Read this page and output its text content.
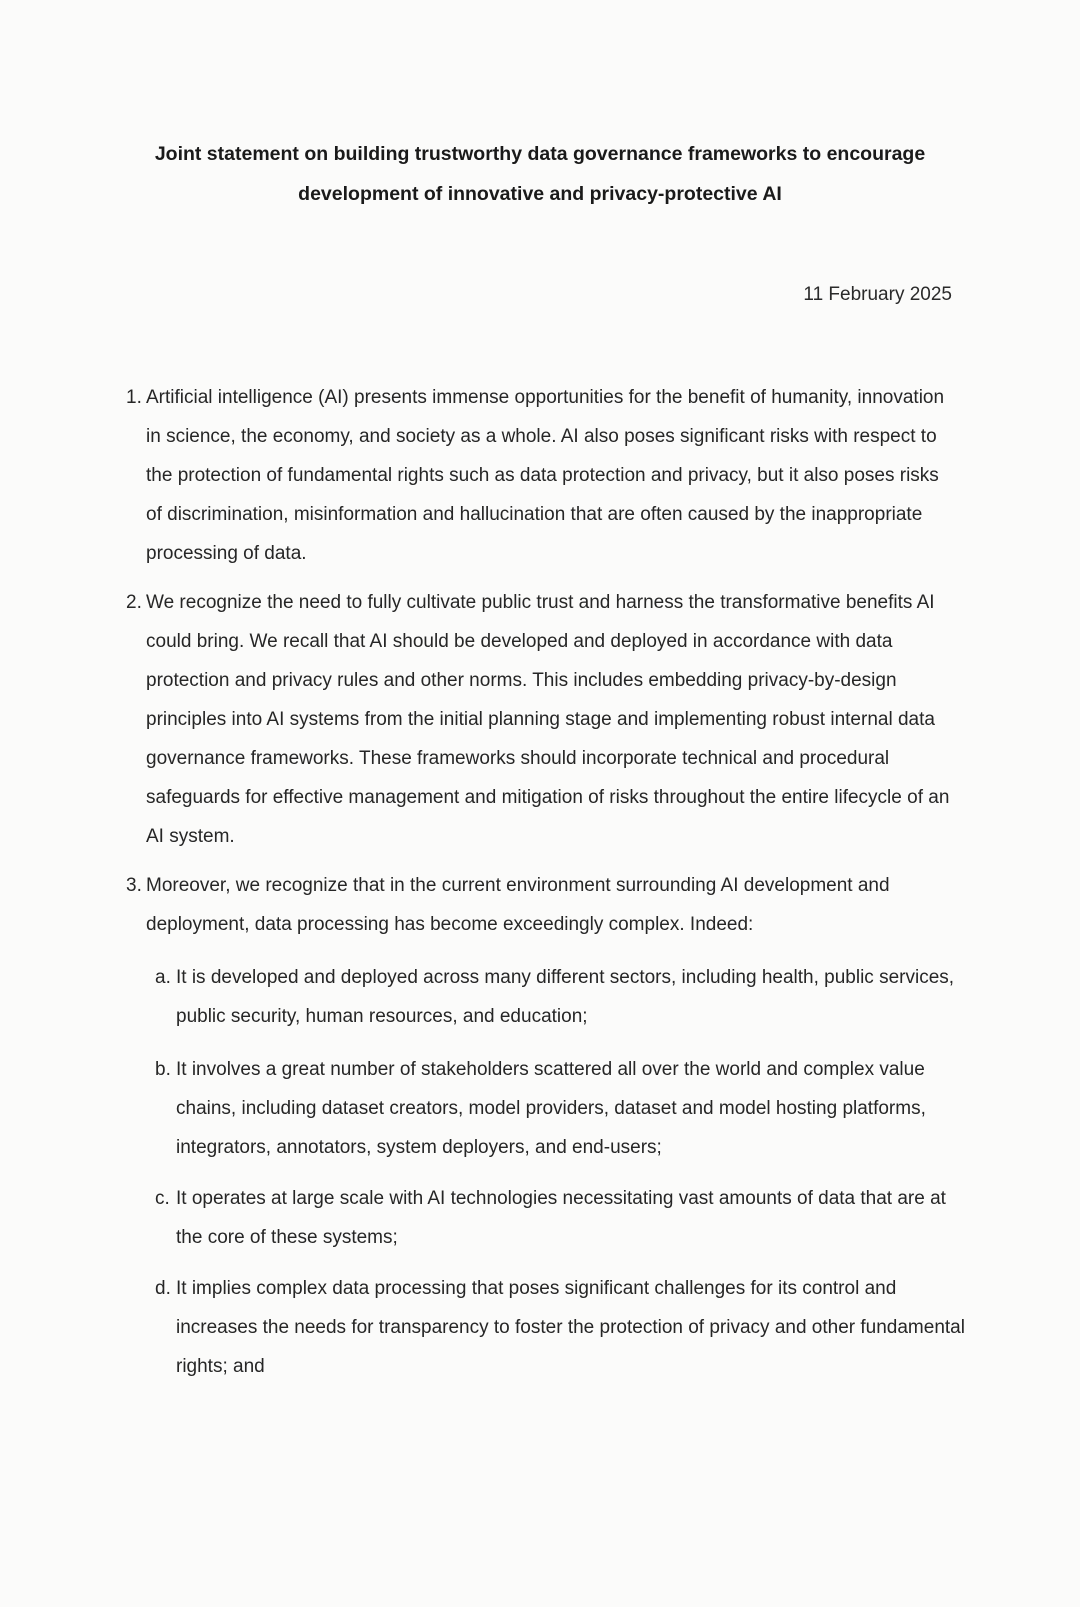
Joint statement on building trustworthy data governance frameworks to encourage
development of innovative and privacy-protective AI
11 February 2025
1. Artificial intelligence (AI) presents immense opportunities for the benefit of humanity, innovation in science, the economy, and society as a whole. AI also poses significant risks with respect to the protection of fundamental rights such as data protection and privacy, but it also poses risks of discrimination, misinformation and hallucination that are often caused by the inappropriate processing of data.
2. We recognize the need to fully cultivate public trust and harness the transformative benefits AI could bring. We recall that AI should be developed and deployed in accordance with data protection and privacy rules and other norms. This includes embedding privacy-by-design principles into AI systems from the initial planning stage and implementing robust internal data governance frameworks. These frameworks should incorporate technical and procedural safeguards for effective management and mitigation of risks throughout the entire lifecycle of an AI system.
3. Moreover, we recognize that in the current environment surrounding AI development and deployment, data processing has become exceedingly complex. Indeed:
a. It is developed and deployed across many different sectors, including health, public services, public security, human resources, and education;
b. It involves a great number of stakeholders scattered all over the world and complex value chains, including dataset creators, model providers, dataset and model hosting platforms, integrators, annotators, system deployers, and end-users;
c. It operates at large scale with AI technologies necessitating vast amounts of data that are at the core of these systems;
d. It implies complex data processing that poses significant challenges for its control and increases the needs for transparency to foster the protection of privacy and other fundamental rights; and
